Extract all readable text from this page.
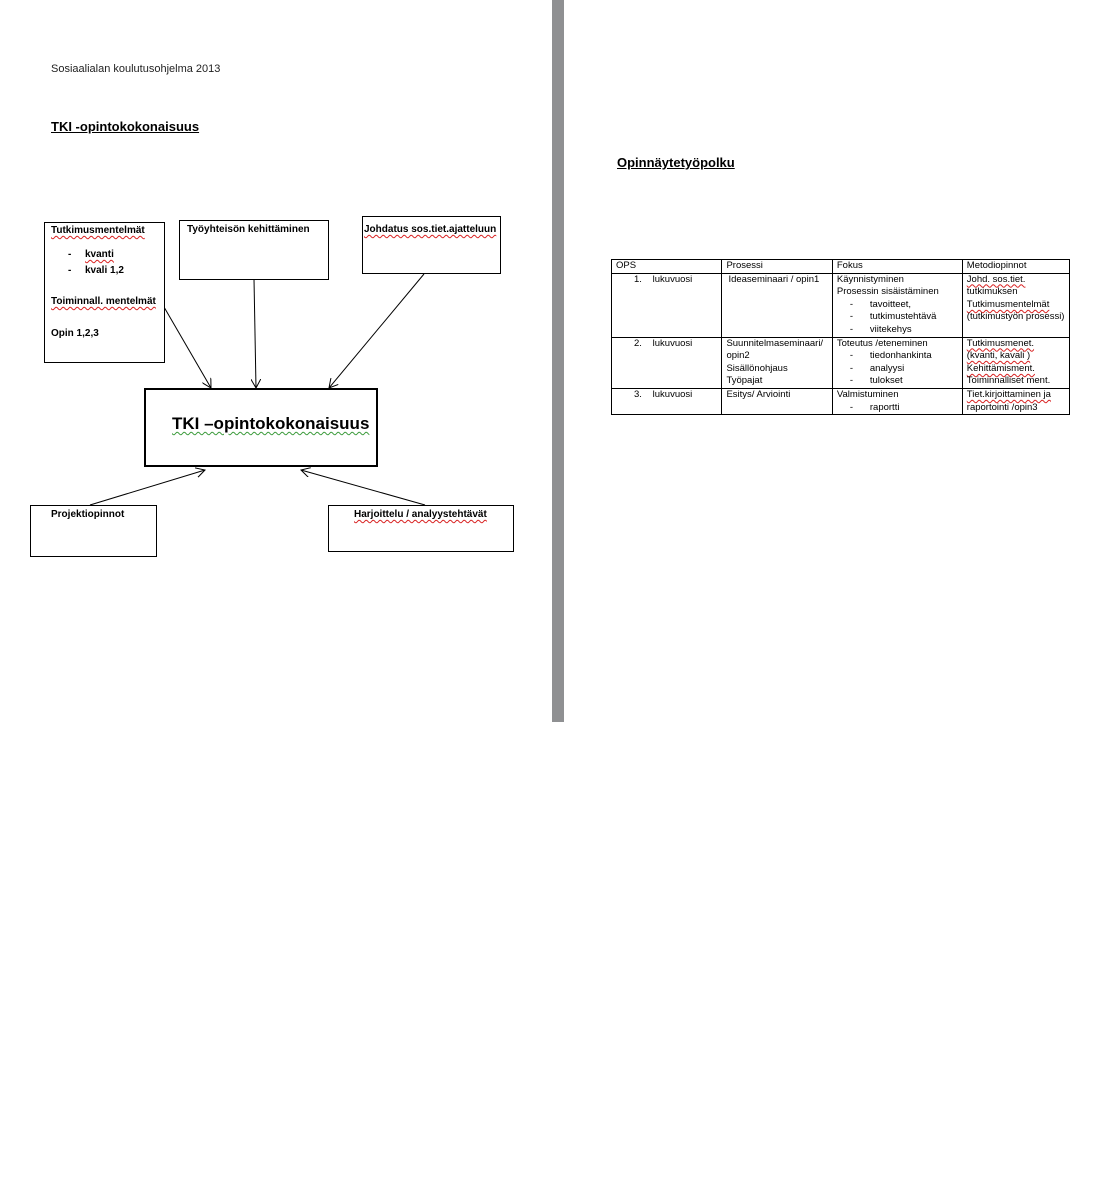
Sosiaalialan koulutusohjelma 2013
TKI -opintokokonaisuus
Tutkimusmentelmät
- kvanti
- kvali 1,2
Toiminnall. mentelmät
Opin 1,2,3
Työyhteisön kehittäminen	Johdatus sos.tiet.ajatteluun
TKI –opintokokonaisuus
Projektiopinnot	Harjoittelu / analyystehtävät
Opinnäytetyöpolku
OPS	Prosessi	Fokus	Metodiopinnot

1. lukuvuosi	Ideaseminaari / opin1	Käynnistyminen
Prosessin sisäistäminen
- tavoitteet,
- tutkimustehtävä
- viitekehys	Johd. sos.tiet.
tutkimuksen
Tutkimusmentelmät
(tutkimustyön prosessi)

2. lukuvuosi	Suunnitelmaseminaari/
opin2
Sisällönohjaus
Työpajat	Toteutus /eteneminen
- tiedonhankinta
- analyysi
- tulokset	Tutkimusmenet.
(kvanti, kavali )
Kehittämisment.
Toiminnalliset ment.

3. lukuvuosi	Esitys/ Arviointi	Valmistuminen
- raportti	Tiet.kirjoittaminen ja
raportointi /opin3
